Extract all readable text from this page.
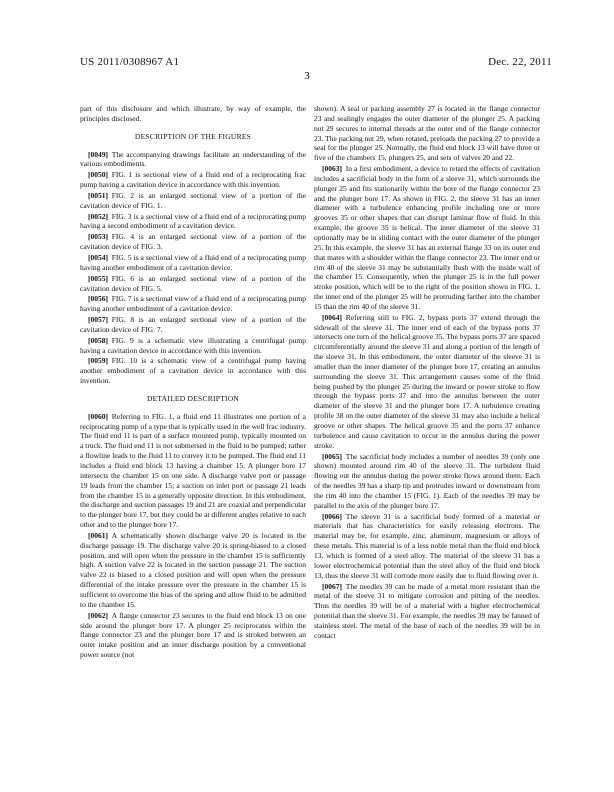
US 2011/0308967 A1	Dec. 22, 2011
3

part of this disclosure and which illustrate, by way of example, the principles disclosed.

DESCRIPTION OF THE FIGURES

[0049]  The accompanying drawings facilitate an understanding of the various embodiments.

[0050]  FIG. 1 is sectional view of a fluid end of a reciprocating frac pump having a cavitation device in accordance with this invention.

[0051]  FIG. 2 is an enlarged sectional view of a portion of the cavitation device of FIG. 1.

[0052]  FIG. 3 is a sectional view of a fluid end of a reciprocating pump having a second embodiment of a cavitation device.

[0053]  FIG. 4 is an enlarged sectional view of a portion of the cavitation device of FIG. 3.

[0054]  FIG. 5 is a sectional view of a fluid end of a reciprocating pump having another embodiment of a cavitation device.

[0055]  FIG. 6 is an enlarged sectional view of a portion of the cavitation device of FIG. 5.

[0056]  FIG. 7 is a sectional view of a fluid end of a reciprocating pump having another embodiment of a cavitation device.

[0057]  FIG. 8 is an enlarged sectional view of a portion of the cavitation device of FIG. 7.

[0058]  FIG. 9 is a schematic view illustrating a centrifugal pump having a cavitation device in accordance with this invention.

[0059]  FIG. 10 is a schematic view of a centrifugal pump having another embodiment of a cavitation device in accordance with this invention.

DETAILED DESCRIPTION

[0060]  Referring to FIG. 1, a fluid end 11 illustrates one portion of a reciprocating pump of a type that is typically used in the well frac industry. The fluid end 11 is part of a surface mounted pump, typically mounted on a truck. The fluid end 11 is not submersed in the fluid to be pumped; rather a flowline leads to the fluid 11 to convey it to be pumped. The fluid end 11 includes a fluid end block 13 having a chamber 15. A plunger bore 17 intersects the chamber 15 on one side. A discharge valve port or passage 19 leads from the chamber 15; a suction on inlet port or passage 21 leads from the chamber 15 in a generally opposite direction. In this embodiment, the discharge and suction passages 19 and 21 are coaxial and perpendicular to the plunger bore 17, but they could be at different angles relative to each other and to the plunger bore 17.

[0061]  A schematically shown discharge valve 20 is located in the discharge passage 19. The discharge valve 20 is spring-biased to a closed position, and will open when the pressure in the chamber 15 is sufficiently high. A suction valve 22 is located in the suction passage 21. The suction valve 22 is biased to a closed position and will open when the pressure differential of the intake pressure over the pressure in the chamber 15 is sufficient to overcome the bias of the spring and allow fluid to be admitted to the chamber 15.

[0062]  A flange connector 23 secures to the fluid end block 13 on one side around the plunger bore 17. A plunger 25 reciprocates within the flange connector 23 and the plunger bore 17 and is stroked between an outer intake position and an inner discharge position by a conventional power source (not

shown). A seal or packing assembly 27 is located in the flange connector 23 and sealingly engages the outer diameter of the plunger 25. A packing nut 29 secures to internal threads at the outer end of the flange connector 23. The packing nut 29, when rotated, preloads the packing 27 to provide a seal for the plunger 25. Normally, the fluid end block 13 will have three or five of the chambers 15, plungers 25, and sets of valves 20 and 22.

[0063]  In a first embodiment, a device to retard the effects of cavitation includes a sacrificial body in the form of a sleeve 31, which surrounds the plunger 25 and fits stationarily within the bore of the flange connector 23 and the plunger bore 17. As shown in FIG. 2, the sleeve 31 has an inner diameter with a turbulence enhancing profile including one or more grooves 35 or other shapes that can disrupt laminar flow of fluid. In this example, the groove 35 is helical. The inner diameter of the sleeve 31 optionally may be in sliding contact with the outer diameter of the plunger 25. In this example, the sleeve 31 has an external flange 33 on its outer end that mates with a shoulder within the flange connector 23. The inner end or rim 40 of the sleeve 31 may be substantially flush with the inside wall of the chamber 15. Consequently, when the plunger 25 is in the full power stroke position, which will be to the right of the position shown in FIG. 1, the inner end of the plunger 25 will be protruding farther into the chamber 15 than the rim 40 of the sleeve 31.

[0064]  Referring still to FIG. 2, bypass ports 37 extend through the sidewall of the sleeve 31. The inner end of each of the bypass ports 37 intersects one turn of the helical groove 35. The bypass ports 37 are spaced circumferentially around the sleeve 31 and along a portion of the length of the sleeve 31. In this embodiment, the outer diameter of the sleeve 31 is smaller than the inner diameter of the plunger bore 17, creating an annulus surrounding the sleeve 31. This arrangement causes some of the fluid being pushed by the plunger 25 during the inward or power stroke to flow through the bypass ports 37 and into the annulus between the outer diameter of the sleeve 31 and the plunger bore 17. A turbulence creating profile 38 on the outer diameter of the sleeve 31 may also include a helical groove or other shapes. The helical groove 35 and the ports 37 enhance turbulence and cause cavitation to occur in the annulus during the power stroke.

[0065]  The sacrificial body includes a number of needles 39 (only one shown) mounted around rim 40 of the sleeve 31. The turbulent fluid flowing out the annulus during the power stroke flows around them. Each of the needles 39 has a sharp tip and protrudes inward or downstream from the rim 40 into the chamber 15 (FIG. 1). Each of the needles 39 may be parallel to the axis of the plunger bore 17.

[0066]  The sleeve 31 is a sacrificial body formed of a material or materials that has characteristics for easily releasing electrons. The material may be, for example, zinc, aluminum, magnesium or alloys of these metals. This material is of a less noble metal than the fluid end block 13, which is formed of a steel alloy. The material of the sleeve 31 has a lower electrochemical potential than the steel alloy of the fluid end block 13, thus the sleeve 31 will corrode more easily due to fluid flowing over it.

[0067]  The needles 39 can be made of a metal more resistant than the metal of the sleeve 31 to mitigate corrosion and pitting of the needles. Thus the needles 39 will be of a material with a higher electrochemical potential than the sleeve 31. For example, the needles 39 may be fanned of stainless steel. The metal of the base of each of the needles 39 will be in contact
